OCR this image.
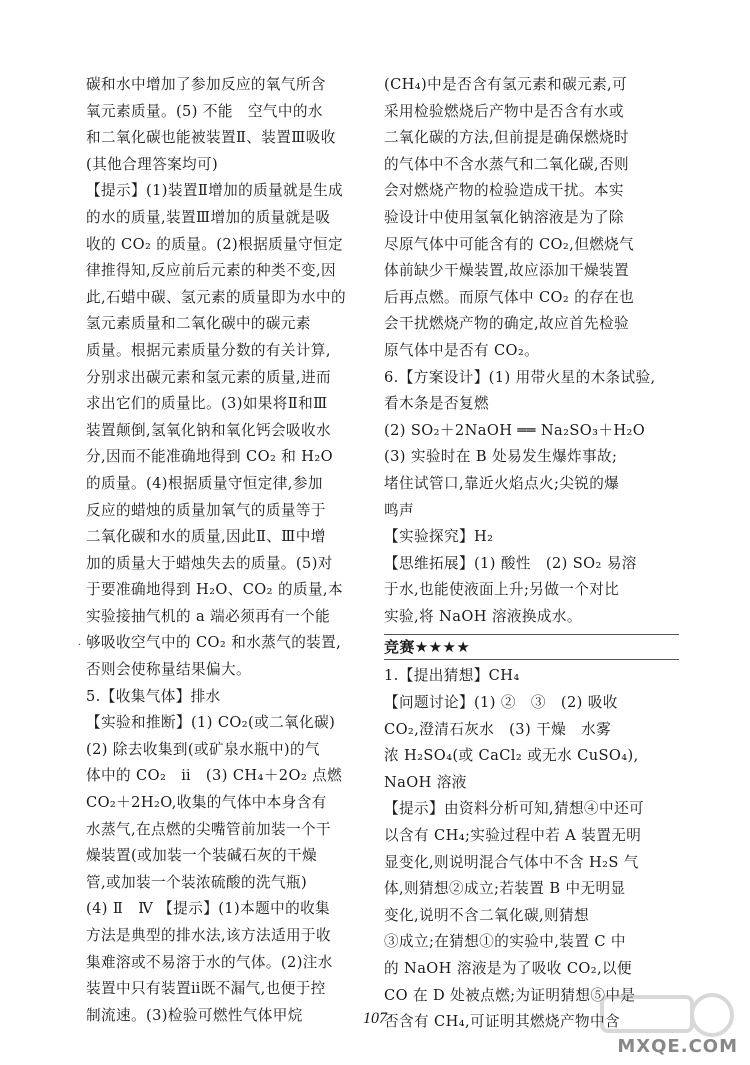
碳和水中增加了参加反应的氧气所含
氧元素质量。(5) 不能　空气中的水
和二氧化碳也能被装置Ⅱ、装置Ⅲ吸收
(其他合理答案均可)
【提示】(1)装置Ⅱ增加的质量就是生成
的水的质量,装置Ⅲ增加的质量就是吸
收的 CO₂ 的质量。(2)根据质量守恒定
律推得知,反应前后元素的种类不变,因
此,石蜡中碳、氢元素的质量即为水中的
氢元素质量和二氧化碳中的碳元素
质量。根据元素质量分数的有关计算,
分别求出碳元素和氢元素的质量,进而
求出它们的质量比。(3)如果将Ⅱ和Ⅲ
装置颠倒,氢氧化钠和氧化钙会吸收水
分,因而不能准确地得到 CO₂ 和 H₂O
的质量。(4)根据质量守恒定律,参加
反应的蜡烛的质量加氧气的质量等于
二氧化碳和水的质量,因此Ⅱ、Ⅲ中增
加的质量大于蜡烛失去的质量。(5)对
于要准确地得到 H₂O、CO₂ 的质量,本
实验接抽气机的 a 端必须再有一个能
够吸收空气中的 CO₂ 和水蒸气的装置,
否则会使称量结果偏大。
5.【收集气体】排水
【实验和推断】(1) CO₂(或二氧化碳)
(2) 除去收集到(或矿泉水瓶中)的气
体中的 CO₂　ⅱ　(3) CH₄＋2O₂ 点燃
CO₂＋2H₂O,收集的气体中本身含有
水蒸气,在点燃的尖嘴管前加装一个干
燥装置(或加装一个装碱石灰的干燥
管,或加装一个装浓硫酸的洗气瓶)
(4) Ⅱ　Ⅳ 【提示】(1)本题中的收集
方法是典型的排水法,该方法适用于收
集难溶或不易溶于水的气体。(2)注水
装置中只有装置ⅱ既不漏气,也便于控
制流速。(3)检验可燃性气体甲烷
(CH₄)中是否含有氢元素和碳元素,可
采用检验燃烧后产物中是否含有水或
二氧化碳的方法,但前提是确保燃烧时
的气体中不含水蒸气和二氧化碳,否则
会对燃烧产物的检验造成干扰。本实
验设计中使用氢氧化钠溶液是为了除
尽原气体中可能含有的 CO₂,但燃烧气
体前缺少干燥装置,故应添加干燥装置
后再点燃。而原气体中 CO₂ 的存在也
会干扰燃烧产物的确定,故应首先检验
原气体中是否有 CO₂。
6.【方案设计】(1) 用带火星的木条试验,
看木条是否复燃
(2) SO₂＋2NaOH ══ Na₂SO₃＋H₂O
(3) 实验时在 B 处易发生爆炸事故;
堵住试管口,靠近火焰点火;尖锐的爆
鸣声
【实验探究】H₂
【思维拓展】(1) 酸性　(2) SO₂ 易溶
于水,也能使液面上升;另做一个对比
实验,将 NaOH 溶液换成水。
竞赛★★★★
1.【提出猜想】CH₄
【问题讨论】(1) ②　③　(2) 吸收
CO₂,澄清石灰水　(3) 干燥　水雾
浓 H₂SO₄(或 CaCl₂ 或无水 CuSO₄),
NaOH 溶液
【提示】由资料分析可知,猜想④中还可
以含有 CH₄;实验过程中若 A 装置无明
显变化,则说明混合气体中不含 H₂S 气
体,则猜想②成立;若装置 B 中无明显
变化,说明不含二氧化碳,则猜想
③成立;在猜想①的实验中,装置 C 中
的 NaOH 溶液是为了吸收 CO₂,以便
CO 在 D 处被点燃;为证明猜想⑤中是
否含有 CH₄,可证明其燃烧产物中含
·
107
MXQE.COM
